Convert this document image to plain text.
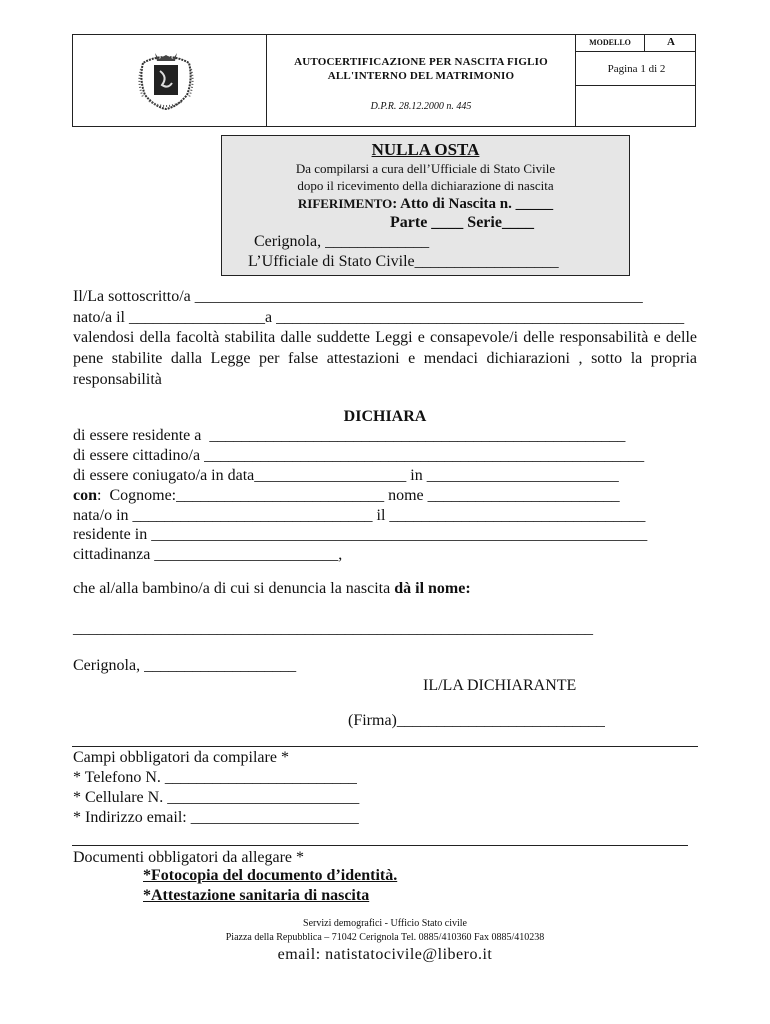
AUTOCERTIFICAZIONE PER NASCITA FIGLIO
ALL'INTERNO DEL MATRIMONIO
D.P.R. 28.12.2000 n. 445
MODELLO	A
Pagina 1 di 2
NULLA OSTA
Da compilarsi a cura dell’Ufficiale di Stato Civile
dopo il ricevimento della dichiarazione di nascita
RIFERIMENTO: Atto di Nascita n. _____
Parte ____ Serie____
Cerignola, _____________
L’Ufficiale di Stato Civile__________________
Il/La sottoscritto/a ________________________________________________________
nato/a il _________________a ___________________________________________________
valendosi della facoltà stabilita dalle suddette Leggi e consapevole/i delle responsabilità e delle pene stabilite dalla Legge per false attestazioni e mendaci dichiarazioni , sotto la propria responsabilità
DICHIARA
di essere residente a  ____________________________________________________
di essere cittadino/a _______________________________________________________
di essere coniugato/a in data___________________ in ________________________
con:  Cognome:__________________________ nome ________________________
nata/o in ______________________________ il ________________________________
residente in ______________________________________________________________
cittadinanza _______________________,
che al/alla bambino/a di cui si denuncia la nascita dà il nome:
_________________________________________________________________
Cerignola, ___________________
IL/LA DICHIARANTE
(Firma)__________________________
Campi obbligatori da compilare *
* Telefono N. ________________________
* Cellulare N. ________________________
* Indirizzo email: _____________________
Documenti obbligatori da allegare *
*Fotocopia del documento d’identità.
*Attestazione sanitaria di nascita
Servizi demografici - Ufficio Stato civile
Piazza della Repubblica – 71042 Cerignola Tel. 0885/410360 Fax 0885/410238
email: natistatocivile@libero.it
